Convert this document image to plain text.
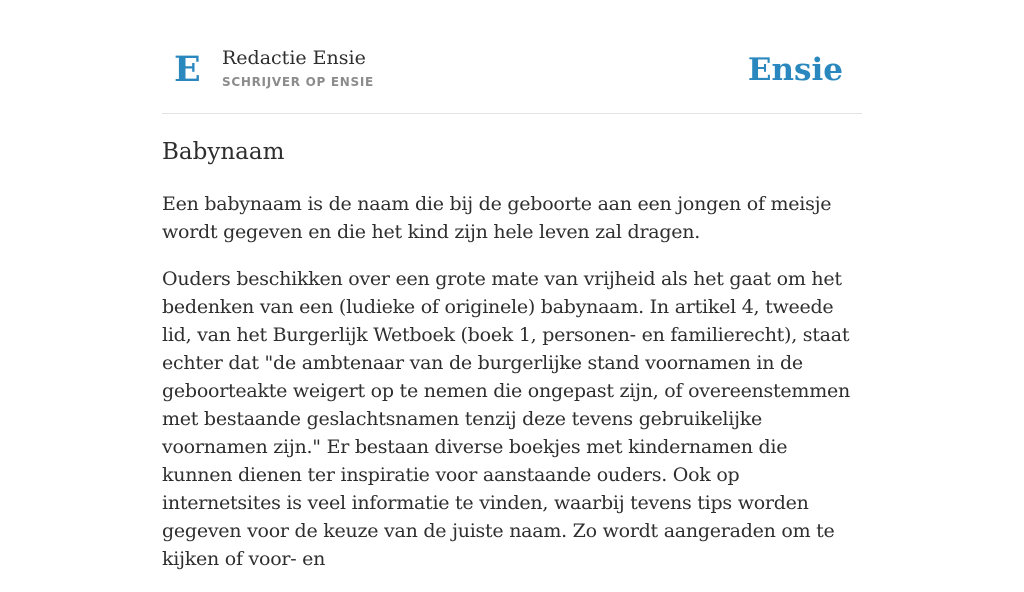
E Redactie Ensie
SCHRIJVER OP ENSIE	Ensie
Babynaam

Een babynaam is de naam die bij de geboorte aan een jongen of meisje wordt gegeven en die het kind zijn hele leven zal dragen.

Ouders beschikken over een grote mate van vrijheid als het gaat om het bedenken van een (ludieke of originele) babynaam. In artikel 4, tweede lid, van het Burgerlijk Wetboek (boek 1, personen- en familierecht), staat echter dat "de ambtenaar van de burgerlijke stand voornamen in de geboorteakte weigert op te nemen die ongepast zijn, of overeenstemmen met bestaande geslachtsnamen tenzij deze tevens gebruikelijke voornamen zijn." Er bestaan diverse boekjes met kindernamen die kunnen dienen ter inspiratie voor aanstaande ouders. Ook op internetsites is veel informatie te vinden, waarbij tevens tips worden gegeven voor de keuze van de juiste naam. Zo wordt aangeraden om te kijken of voor- en
